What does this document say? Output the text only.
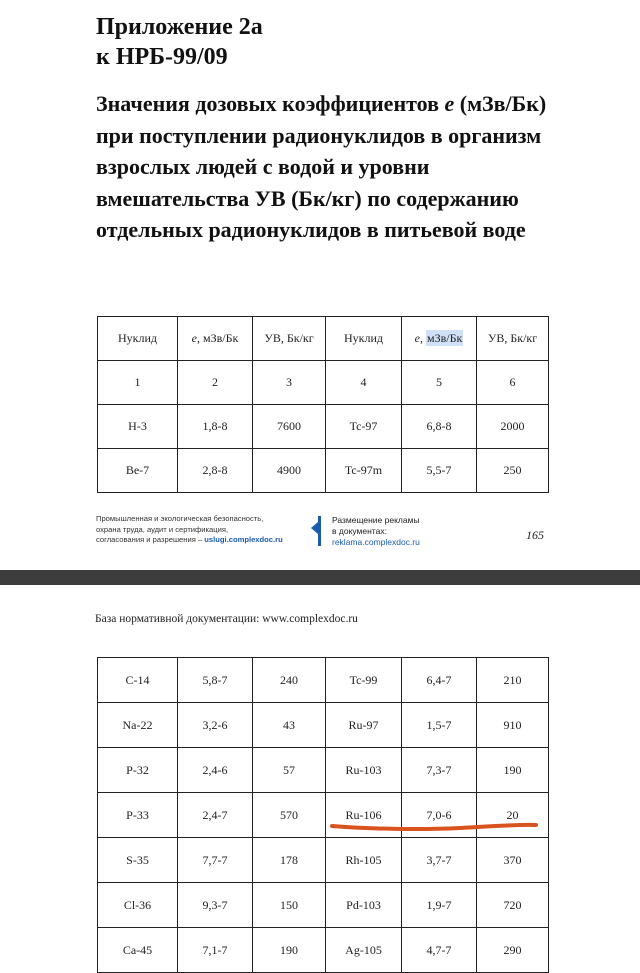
Приложение 2а
к НРБ-99/09
Значения дозовых коэффициентов е (мЗв/Бк) при поступлении радионуклидов в организм взрослых людей с водой и уровни вмешательства УВ (Бк/кг) по содержанию отдельных радионуклидов в питьевой воде
Нуклид	е, мЗв/Бк	УВ, Бк/кг	Нуклид	е, мЗв/Бк	УВ, Бк/кг
1	2	3	4	5	6
Н-3	1,8-8	7600	Tc-97	6,8-8	2000
Be-7	2,8-8	4900	Tc-97m	5,5-7	250
Промышленная и экологическая безопасность,
охрана труда, аудит и сертификация,
согласования и разрешения – uslugi.complexdoc.ru
Размещение рекламы
в документах:
reklama.complexdoc.ru	165
База нормативной документации: www.complexdoc.ru
C-14	5,8-7	240	Tc-99	6,4-7	210
Na-22	3,2-6	43	Ru-97	1,5-7	910
P-32	2,4-6	57	Ru-103	7,3-7	190
P-33	2,4-7	570	Ru-106	7,0-6	20
S-35	7,7-7	178	Rh-105	3,7-7	370
Cl-36	9,3-7	150	Pd-103	1,9-7	720
Ca-45	7,1-7	190	Ag-105	4,7-7	290
